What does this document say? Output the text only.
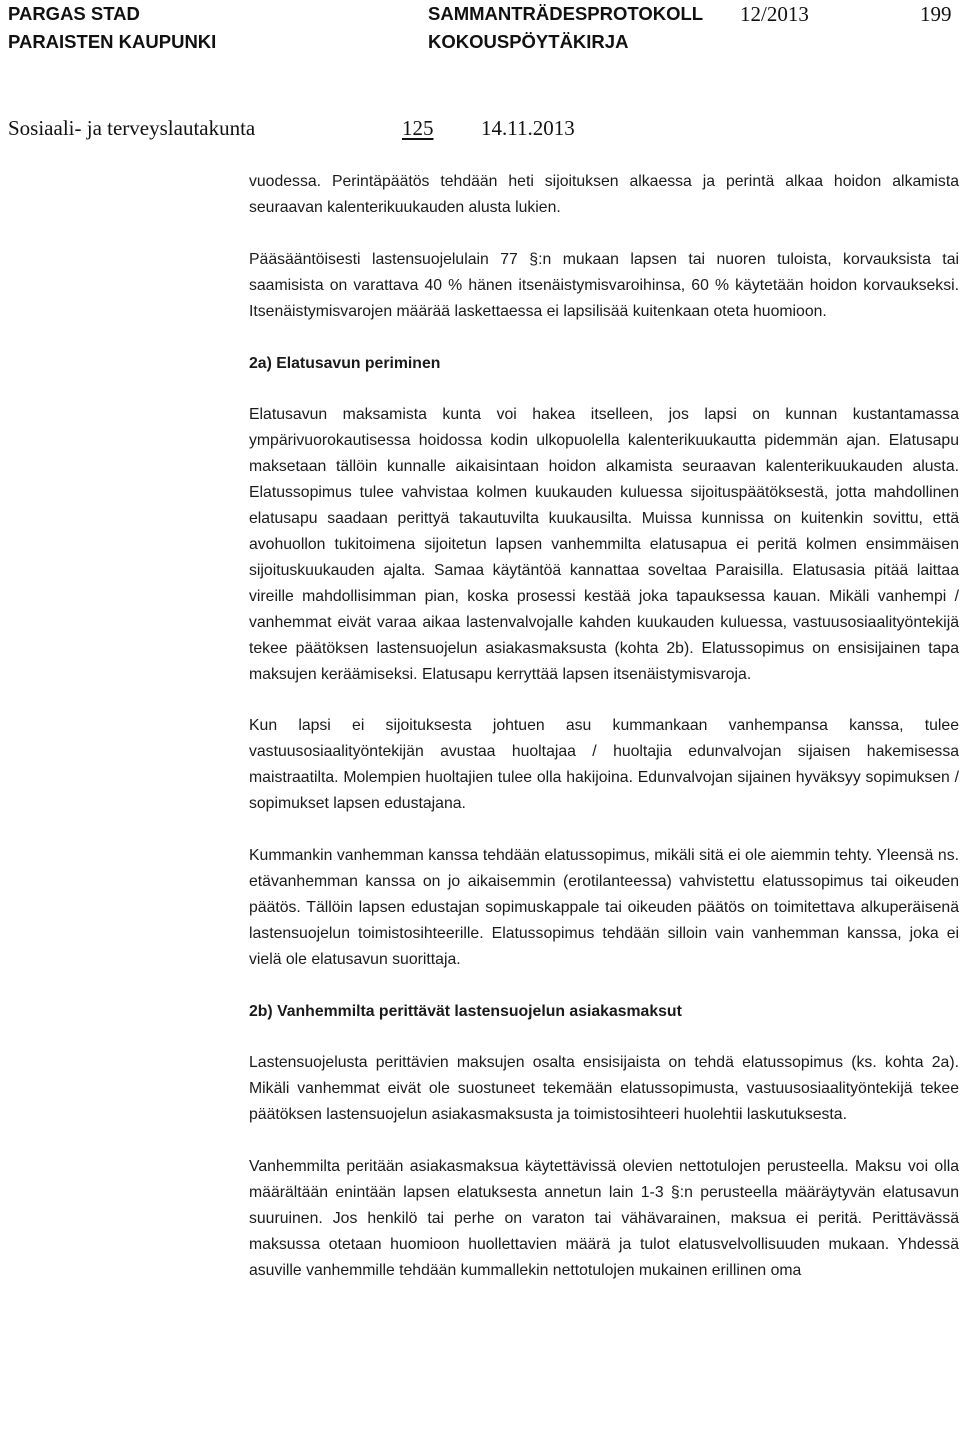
PARGAS STAD
PARAISTEN KAUPUNKI
SAMMANTRÄDESPROTOKOLL
KOKOUSPÖYTÄKIRJA
12/2013	199
Sosiaali- ja terveyslautakunta	125 14.11.2013

vuodessa. Perintäpäätös tehdään heti sijoituksen alkaessa ja perintä alkaa hoidon alkamista seuraavan kalenterikuukauden alusta lukien.

Pääsääntöisesti lastensuojelulain 77 §:n mukaan lapsen tai nuoren tuloista, korvauksista tai saamisista on varattava 40 % hänen itsenäistymisvaroihinsa, 60 % käytetään hoidon korvaukseksi. Itsenäistymisvarojen määrää laskettaessa ei lapsilisää kuitenkaan oteta huomioon.

2a) Elatusavun periminen

Elatusavun maksamista kunta voi hakea itselleen, jos lapsi on kunnan kustantamassa ympärivuorokautisessa hoidossa kodin ulkopuolella kalenterikuukautta pidemmän ajan. Elatusapu maksetaan tällöin kunnalle aikaisintaan hoidon alkamista seuraavan kalenterikuukauden alusta. Elatussopimus tulee vahvistaa kolmen kuukauden kuluessa sijoituspäätöksestä, jotta mahdollinen elatusapu saadaan perittyä takautuvilta kuukausilta. Muissa kunnissa on kuitenkin sovittu, että avohuollon tukitoimena sijoitetun lapsen vanhemmilta elatusapua ei peritä kolmen ensimmäisen sijoituskuukauden ajalta. Samaa käytäntöä kannattaa soveltaa Paraisilla. Elatusasia pitää laittaa vireille mahdollisimman pian, koska prosessi kestää joka tapauksessa kauan. Mikäli vanhempi / vanhemmat eivät varaa aikaa lastenvalvojalle kahden kuukauden kuluessa, vastuusosiaalityöntekijä tekee päätöksen lastensuojelun asiakasmaksusta (kohta 2b). Elatussopimus on ensisijainen tapa maksujen keräämiseksi. Elatusapu kerryttää lapsen itsenäistymisvaroja.

Kun lapsi ei sijoituksesta johtuen asu kummankaan vanhempansa kanssa, tulee vastuusosiaalityöntekijän avustaa huoltajaa / huoltajia edunvalvojan sijaisen hakemisessa maistraatilta. Molempien huoltajien tulee olla hakijoina. Edunvalvojan sijainen hyväksyy sopimuksen / sopimukset lapsen edustajana.

Kummankin vanhemman kanssa tehdään elatussopimus, mikäli sitä ei ole aiemmin tehty. Yleensä ns. etävanhemman kanssa on jo aikaisemmin (erotilanteessa) vahvistettu elatussopimus tai oikeuden päätös. Tällöin lapsen edustajan sopimuskappale tai oikeuden päätös on toimitettava alkuperäisenä lastensuojelun toimistosihteerille. Elatussopimus tehdään silloin vain vanhemman kanssa, joka ei vielä ole elatusavun suorittaja.

2b) Vanhemmilta perittävät lastensuojelun asiakasmaksut

Lastensuojelusta perittävien maksujen osalta ensisijaista on tehdä elatussopimus (ks. kohta 2a). Mikäli vanhemmat eivät ole suostuneet tekemään elatussopimusta, vastuusosiaalityöntekijä tekee päätöksen lastensuojelun asiakasmaksusta ja toimistosihteeri huolehtii laskutuksesta.

Vanhemmilta peritään asiakasmaksua käytettävissä olevien nettotulojen perusteella. Maksu voi olla määrältään enintään lapsen elatuksesta annetun lain 1-3 §:n perusteella määräytyvän elatusavun suuruinen. Jos henkilö tai perhe on varaton tai vähävarainen, maksua ei peritä. Perittävässä maksussa otetaan huomioon huollettavien määrä ja tulot elatusvelvollisuuden mukaan. Yhdessä asuville vanhemmille tehdään kummallekin nettotulojen mukainen erillinen oma
